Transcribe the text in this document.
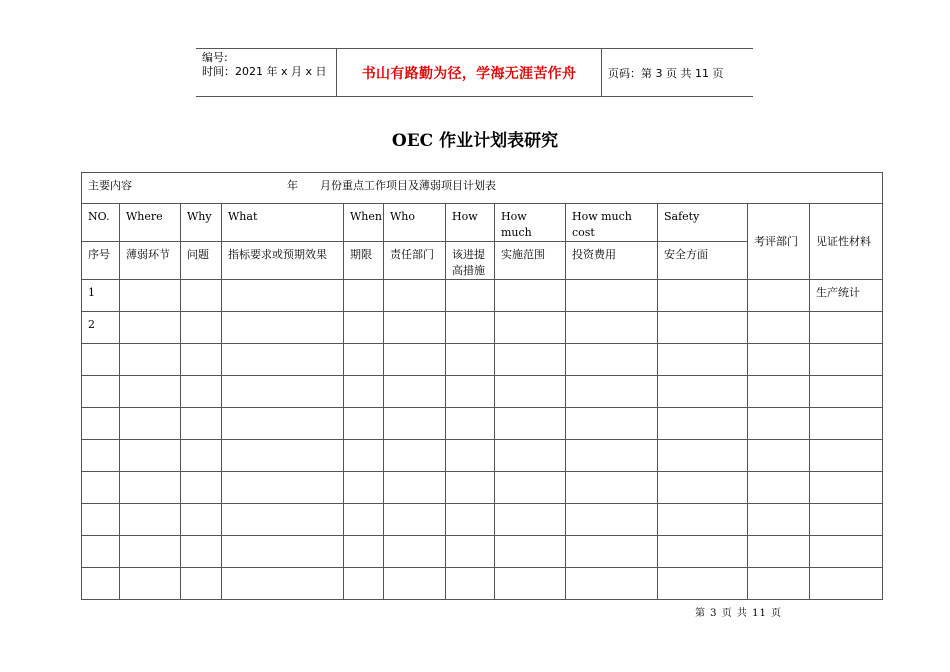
编号:
时间：2021 年 x 月 x 日	书山有路勤为径，学海无涯苦作舟	页码：第 3 页 共 11 页
OEC 作业计划表研究
主要内容 年　　月份重点工作项目及薄弱项目计划表											
NO.	Where	Why	What	When	Who	How	How much	How much cost	Safety	考评部门	见证性材料
序号	薄弱环节	问题	指标要求或预期效果	期限	责任部门	该进提高措施	实施范围	投资费用	安全方面		
1											生产统计
2											

第 3 页 共 11 页
